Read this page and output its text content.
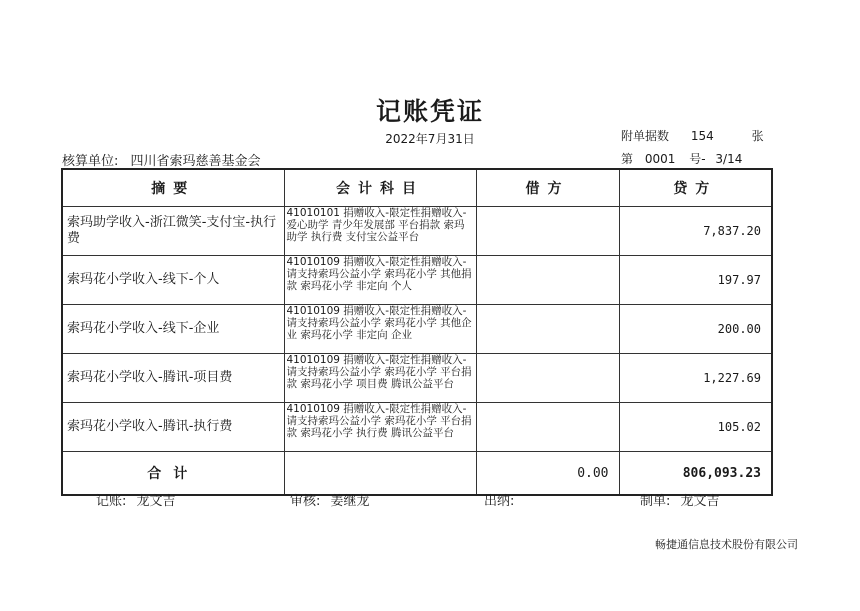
记账凭证
2022年7月31日
核算单位: 四川省索玛慈善基金会
附单据数 154	张
第 0001 号- 3/14
摘要	会计科目	借方	贷方
索玛助学收入-浙江微笑-支付宝-执行费	41010101 捐赠收入-限定性捐赠收入-爱心助学 青少年发展部 平台捐款 索玛助学 执行费 支付宝公益平台		7,837.20
索玛花小学收入-线下-个人	41010109 捐赠收入-限定性捐赠收入-请支持索玛公益小学 索玛花小学 其他捐款 索玛花小学 非定向 个人		197.97
索玛花小学收入-线下-企业	41010109 捐赠收入-限定性捐赠收入-请支持索玛公益小学 索玛花小学 其他企业 索玛花小学 非定向 企业		200.00
索玛花小学收入-腾讯-项目费	41010109 捐赠收入-限定性捐赠收入-请支持索玛公益小学 索玛花小学 平台捐款 索玛花小学 项目费 腾讯公益平台		1,227.69
索玛花小学收入-腾讯-执行费	41010109 捐赠收入-限定性捐赠收入-请支持索玛公益小学 索玛花小学 平台捐款 索玛花小学 执行费 腾讯公益平台		105.02
合计		0.00	806,093.23
记账: 龙文吉	审核: 姜继龙	出纳:	制单: 龙文吉
畅捷通信息技术股份有限公司
